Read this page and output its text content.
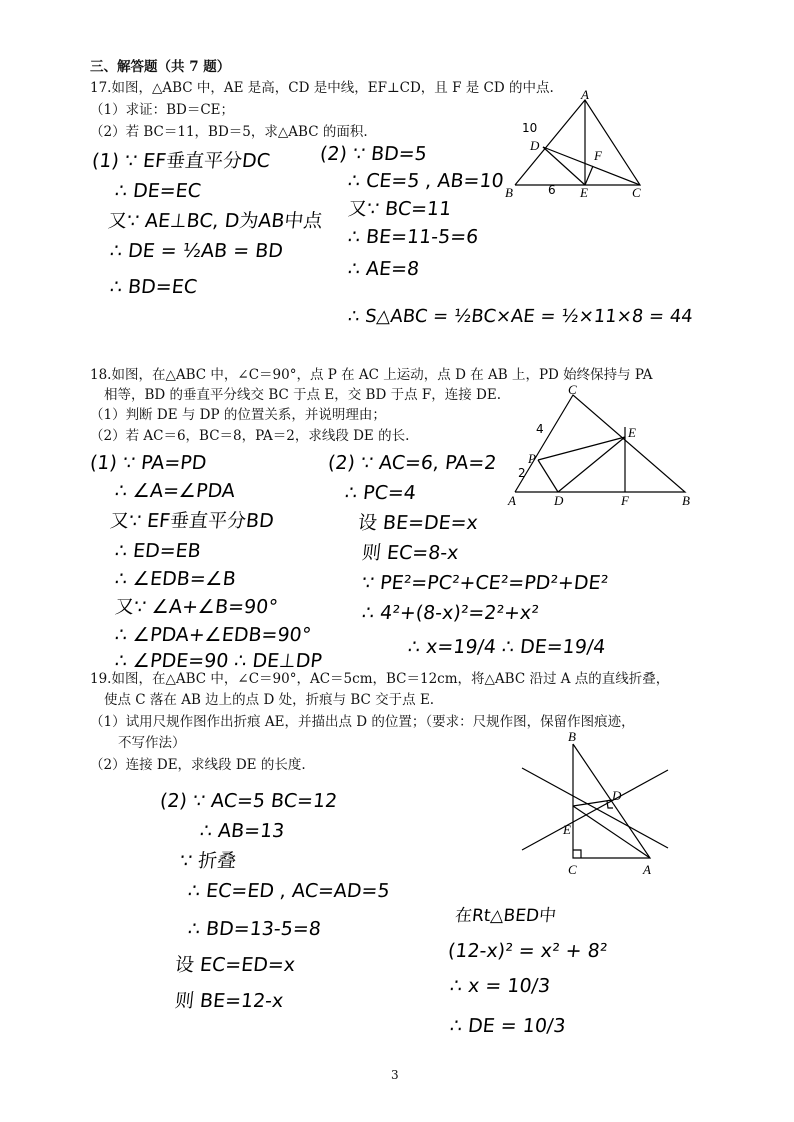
三、解答题（共 7 题）
17.如图，△ABC 中，AE 是高，CD 是中线，EF⊥CD，且 F 是 CD 的中点.
（1）求证：BD＝CE；
（2）若 BC＝11，BD＝5，求△ABC 的面积.
(1) ∵ EF垂直平分DC
∴ DE=EC
又∵ AE⊥BC, D为AB中点
∴ DE = ½AB = BD
∴ BD=EC
(2) ∵ BD=5
∴ CE=5 , AB=10
又∵ BC=11
∴ BE=11-5=6
∴ AE=8
∴ S△ABC = ½BC×AE = ½×11×8 = 44
A
B	C
D
E
F
10
6
18.如图，在△ABC 中，∠C＝90°，点 P 在 AC 上运动，点 D 在 AB 上，PD 始终保持与 PA
相等，BD 的垂直平分线交 BC 于点 E，交 BD 于点 F，连接 DE.
（1）判断 DE 与 DP 的位置关系，并说明理由；
（2）若 AC＝6，BC＝8，PA＝2，求线段 DE 的长.
(1) ∵ PA=PD
∴ ∠A=∠PDA
又∵ EF垂直平分BD
∴ ED=EB
∴ ∠EDB=∠B
又∵ ∠A+∠B=90°
∴ ∠PDA+∠EDB=90°
∴ ∠PDE=90 ∴ DE⊥DP
(2) ∵ AC=6, PA=2
∴ PC=4
设 BE=DE=x
则 EC=8-x
∵ PE²=PC²+CE²=PD²+DE²
∴ 4²+(8-x)²=2²+x²
∴ x=19/4 ∴ DE=19/4
C
A	B
D
E
F
P
4
2
19.如图，在△ABC 中，∠C＝90°，AC＝5cm，BC＝12cm，将△ABC 沿过 A 点的直线折叠，
使点 C 落在 AB 边上的点 D 处，折痕与 BC 交于点 E.
（1）试用尺规作图作出折痕 AE，并描出点 D 的位置；（要求：尺规作图，保留作图痕迹，
不写作法）
（2）连接 DE，求线段 DE 的长度.
(2) ∵ AC=5 BC=12
∴ AB=13
∵ 折叠
∴ EC=ED , AC=AD=5
∴ BD=13-5=8
设 EC=ED=x
则 BE=12-x
在Rt△BED中
(12-x)² = x² + 8²
∴ x = 10/3
∴ DE = 10/3
B
C	A
D
E
3
